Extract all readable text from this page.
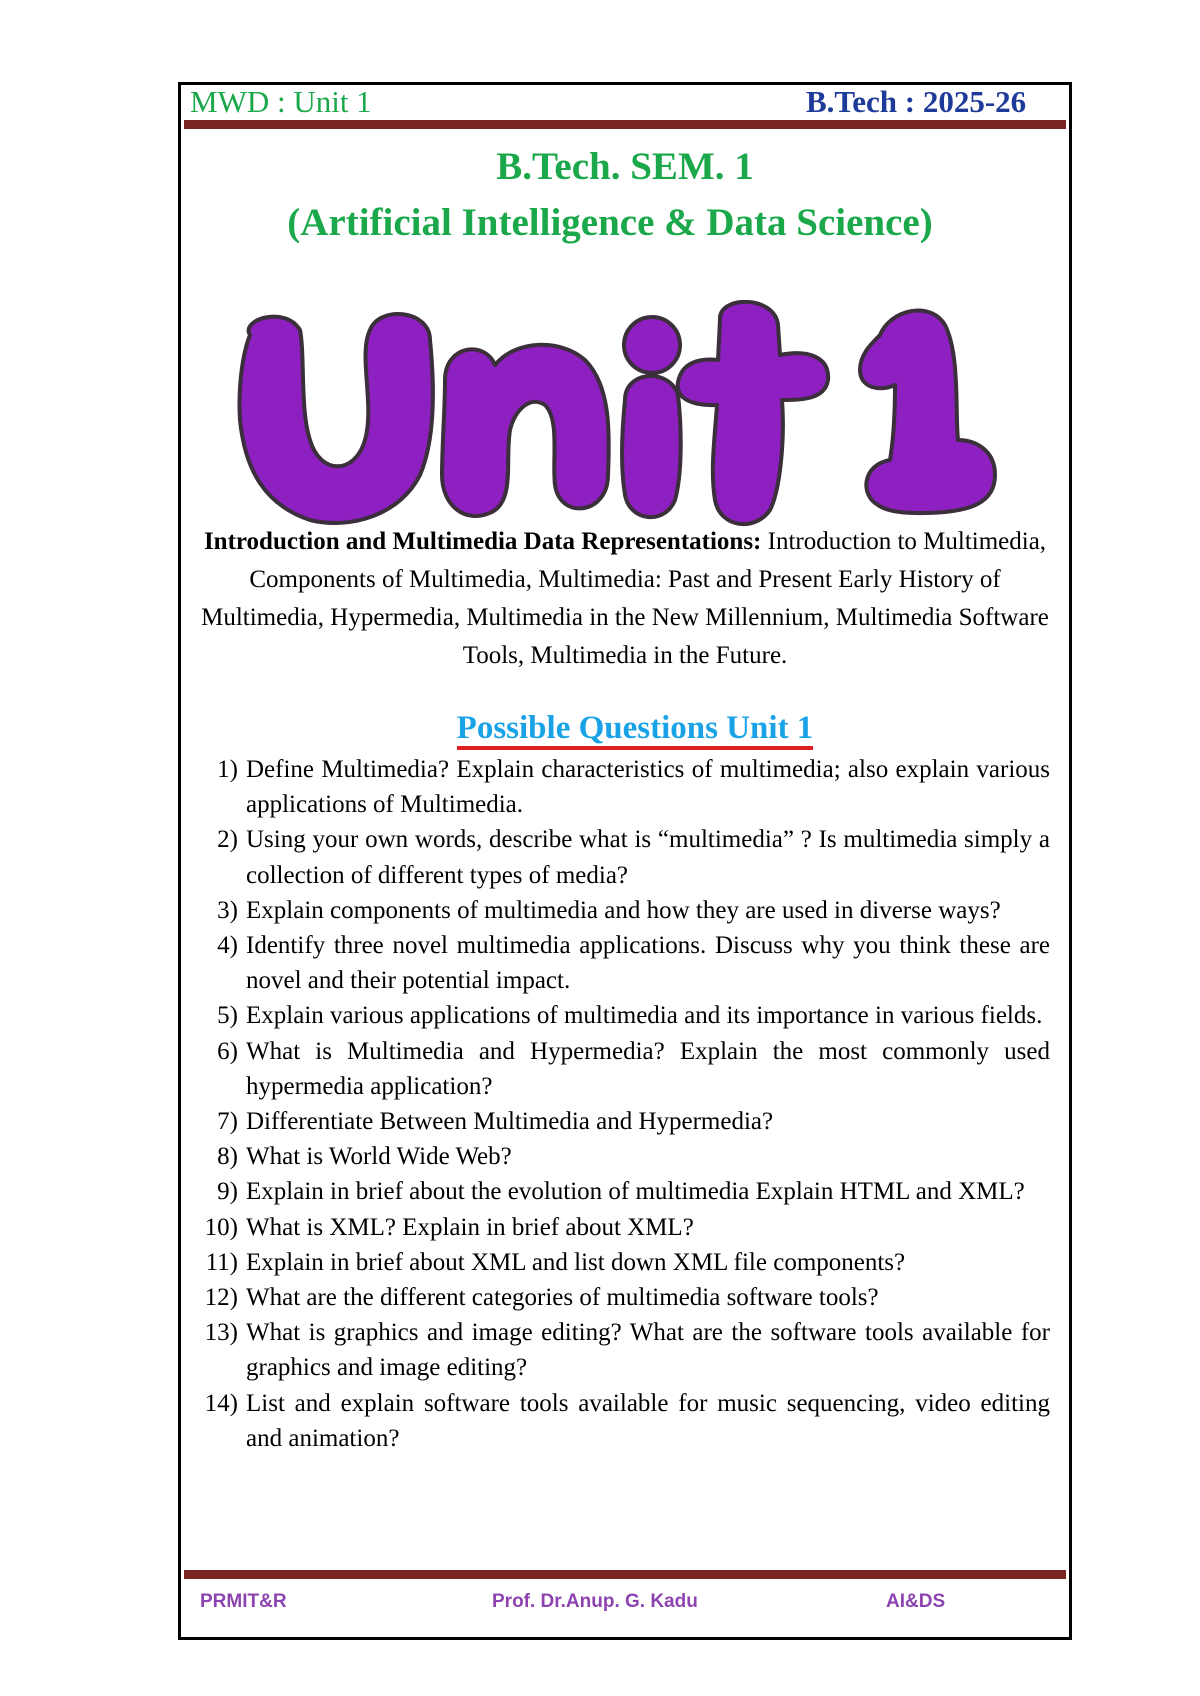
MWD : Unit 1	B.Tech : 2025-26
B.Tech. SEM. 1
(Artificial Intelligence & Data Science)
Introduction and Multimedia Data Representations: Introduction to Multimedia, Components of Multimedia, Multimedia: Past and Present Early History of Multimedia, Hypermedia, Multimedia in the New Millennium, Multimedia Software Tools, Multimedia in the Future.
Possible Questions Unit 1
1) Define Multimedia? Explain characteristics of multimedia; also explain various applications of Multimedia.
2) Using your own words, describe what is “multimedia” ? Is multimedia simply a collection of different types of media?
3) Explain components of multimedia and how they are used in diverse ways?
4) Identify three novel multimedia applications. Discuss why you think these are novel and their potential impact.
5) Explain various applications of multimedia and its importance in various fields.
6) What is Multimedia and Hypermedia? Explain the most commonly used hypermedia application?
7) Differentiate Between Multimedia and Hypermedia?
8) What is World Wide Web?
9) Explain in brief about the evolution of multimedia Explain HTML and XML?
10) What is XML? Explain in brief about XML?
11) Explain in brief about XML and list down XML file components?
12) What are the different categories of multimedia software tools?
13) What is graphics and image editing? What are the software tools available for graphics and image editing?
14) List and explain software tools available for music sequencing, video editing and animation?
PRMIT&R	Prof. Dr.Anup. G. Kadu	AI&DS
